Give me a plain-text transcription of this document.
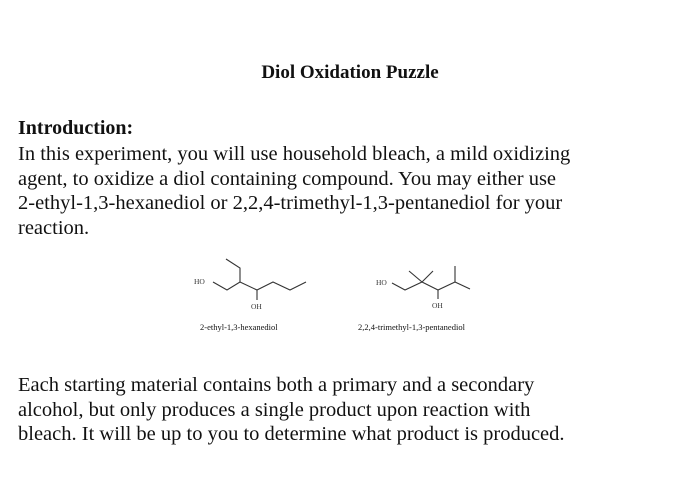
Diol Oxidation Puzzle
Introduction:
In this experiment, you will use household bleach, a mild oxidizing
agent, to oxidize a diol containing compound. You may either use
2-ethyl-1,3-hexanediol or 2,2,4-trimethyl-1,3-pentanediol for your
reaction.
HO
OH
HO
OH
2-ethyl-1,3-hexanediol	2,2,4-trimethyl-1,3-pentanediol
Each starting material contains both a primary and a secondary
alcohol, but only produces a single product upon reaction with
bleach. It will be up to you to determine what product is produced.
